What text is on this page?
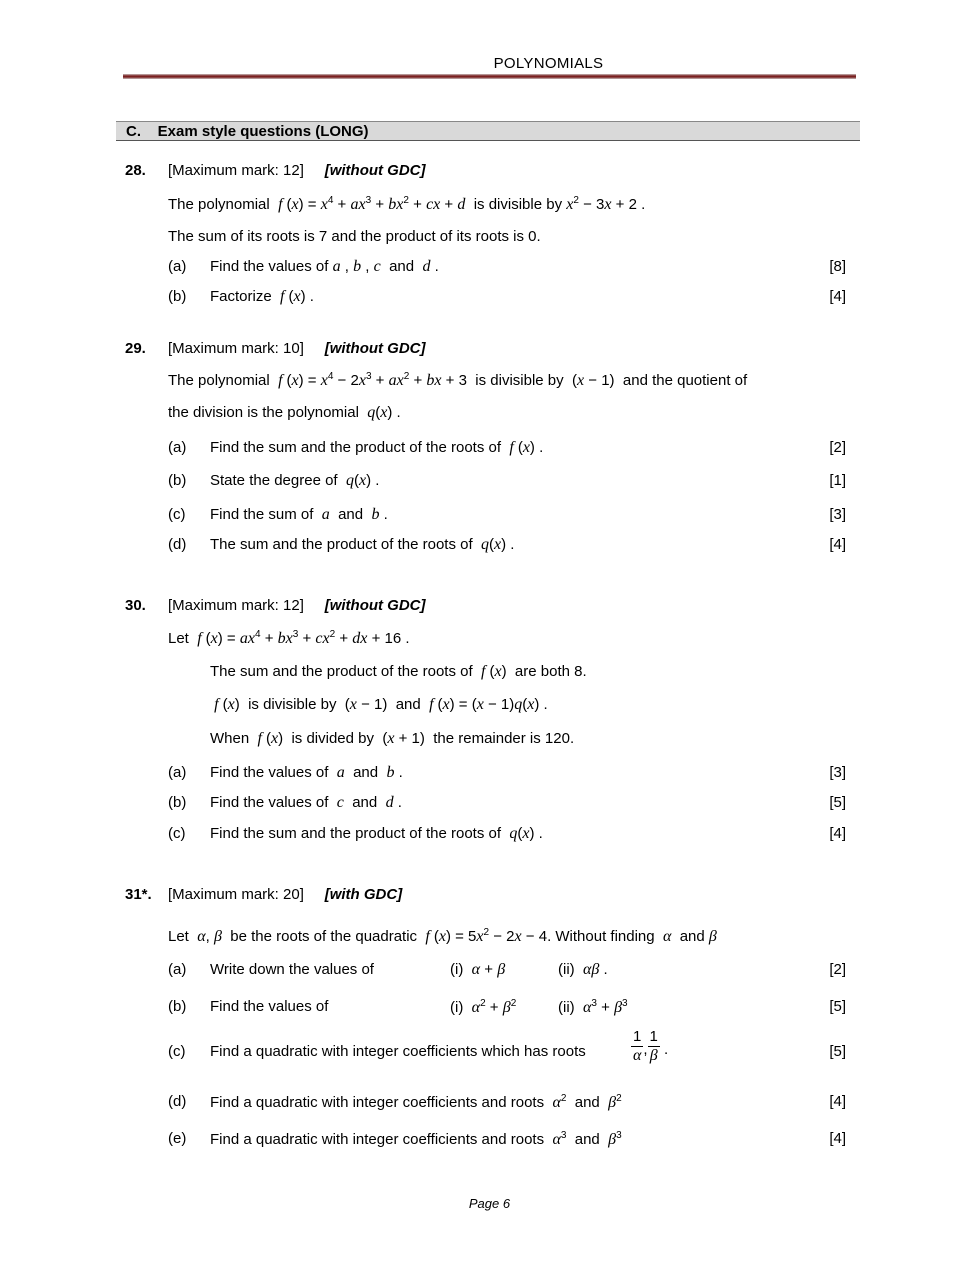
POLYNOMIALS
C.    Exam style questions (LONG)
28. [Maximum mark: 12] [without GDC]
The polynomial f $(x) = x^4 + ax^3 + bx^2$ + cx + d is divisible by $x^2 - 3x + 2$ .
The sum of its roots is 7 and the product of its roots is 0.
(a) Find the values of a , b , c and d .	[8]
(b) Factorize f (x) .	[4]
29. [Maximum mark: 10] [without GDC]
The polynomial f $(x) = x^4 - 2x^3 + ax^2$ + bx + 3  is divisible by  (x − 1)  and the quotient of
the division is the polynomial q(x) .
(a) Find the sum and the product of the roots of f (x) .	[2]
(b) State the degree of q(x) .	[1]
(c) Find the sum of a and b .	[3]
(d) The sum and the product of the roots of q(x) .	[4]
30. [Maximum mark: 12] [without GDC]
Let f $(x) = ax^4 + bx^3 + cx^2$ + dx + 16 .
The sum and the product of the roots of f (x)  are both 8.
f (x)  is divisible by  (x − 1)  and f (x) = (x − 1)q(x) .
When f (x)  is divided by  (x + 1)  the remainder is 120.
(a) Find the values of a and b .	[3]
(b) Find the values of c and d .	[5]
(c) Find the sum and the product of the roots of q(x) .	[4]
31*. [Maximum mark: 20] [with GDC]
Let α, β be the roots of the quadratic f $(x) = 5x^2 - 2x - 4$. Without finding α and β
(a) Write down the values of	(i) α + β	(ii) αβ .	[2]
(b) Find the values of	(i) $\alpha^2 + \beta^2$	(ii) $\alpha^3 + \beta^3$	[5]
(c) Find a quadratic with integer coefficients which has roots	$\frac{1}{\alpha}$ , $\frac{1}{\beta}$ .	[5]
(d) Find a quadratic with integer coefficients and roots $\alpha^2$ and $\beta^2$	[4]
(e) Find a quadratic with integer coefficients and roots $\alpha^3$ and $\beta^3$	[4]
Page 6
